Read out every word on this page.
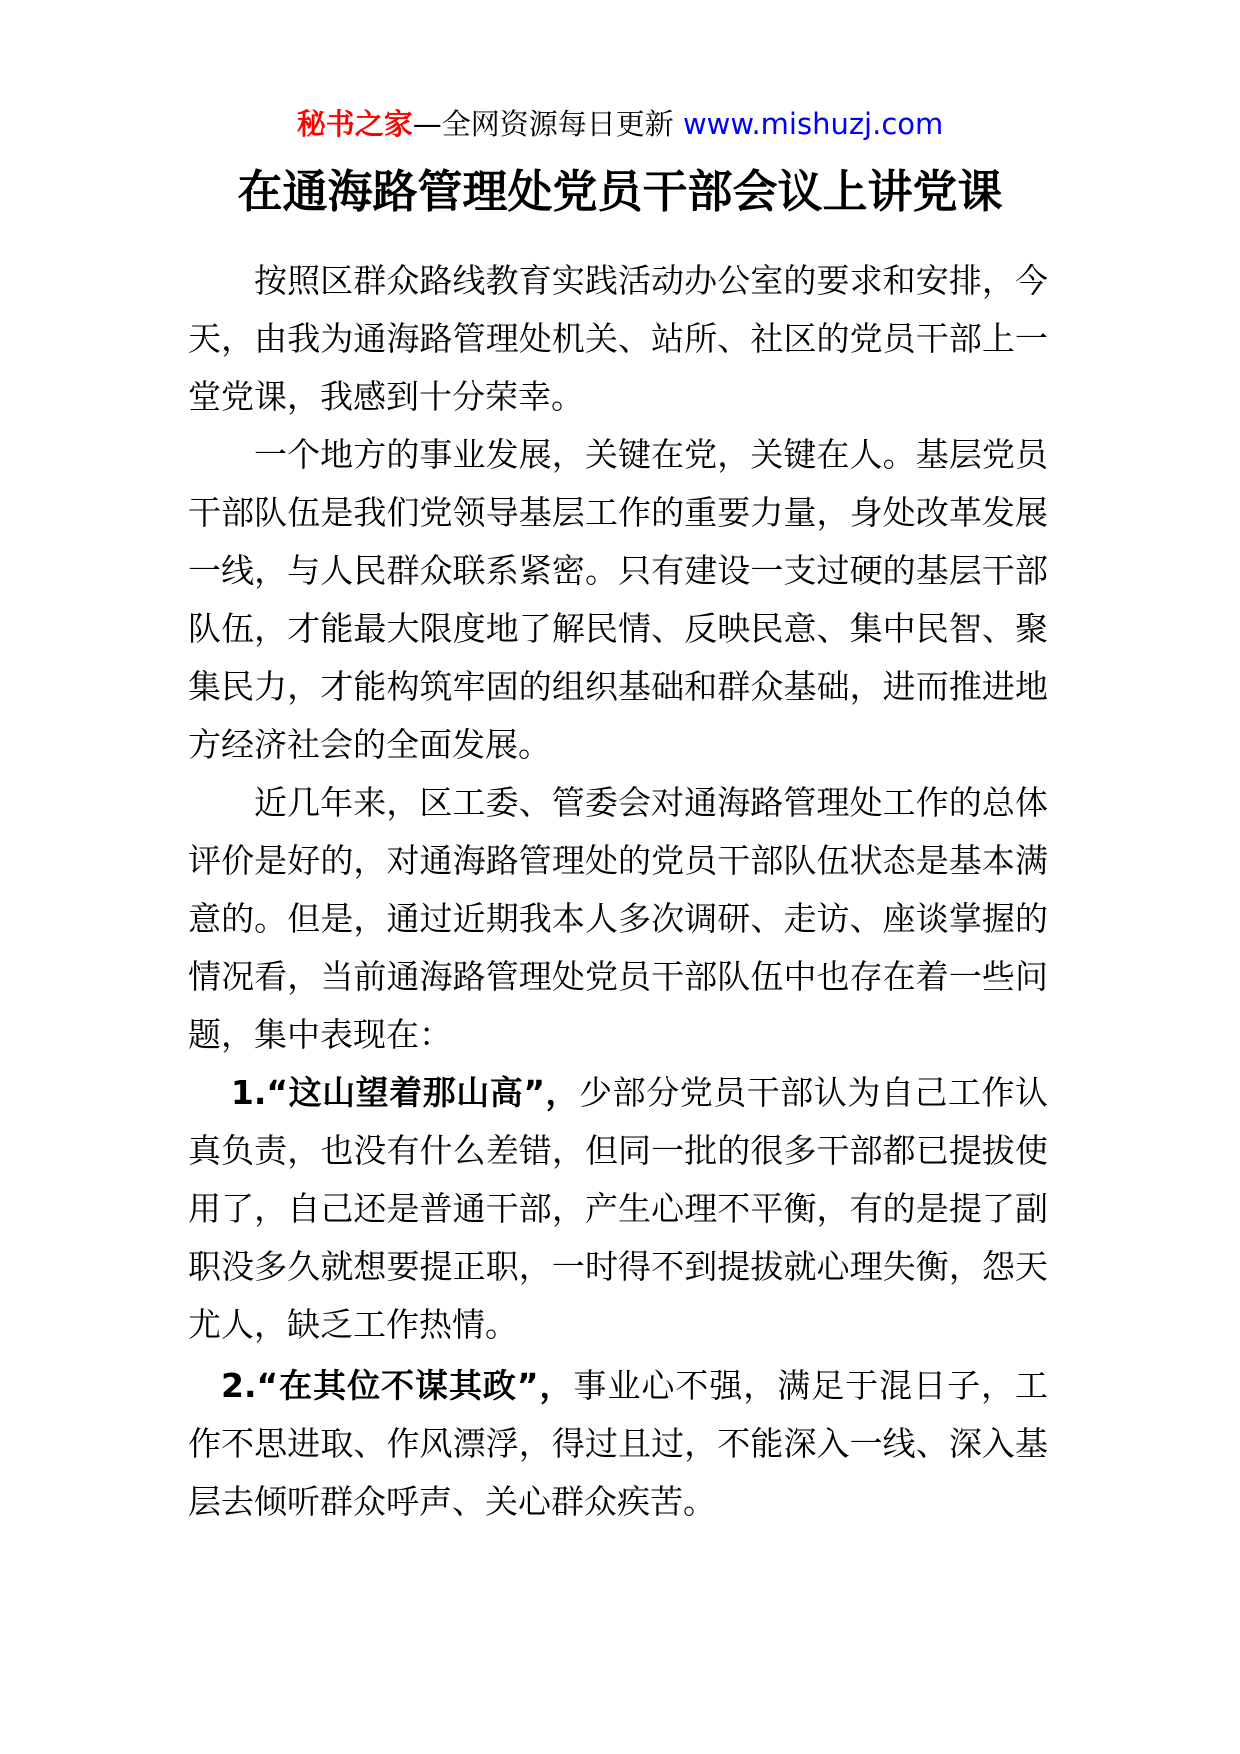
秘书之家—全网资源每日更新 www.mishuzj.com
在通海路管理处党员干部会议上讲党课

按照区群众路线教育实践活动办公室的要求和安排，今天，由我为通海路管理处机关、站所、社区的党员干部上一堂党课，我感到十分荣幸。

一个地方的事业发展，关键在党，关键在人。基层党员干部队伍是我们党领导基层工作的重要力量，身处改革发展一线，与人民群众联系紧密。只有建设一支过硬的基层干部队伍，才能最大限度地了解民情、反映民意、集中民智、聚集民力，才能构筑牢固的组织基础和群众基础，进而推进地方经济社会的全面发展。

近几年来，区工委、管委会对通海路管理处工作的总体评价是好的，对通海路管理处的党员干部队伍状态是基本满意的。但是，通过近期我本人多次调研、走访、座谈掌握的情况看，当前通海路管理处党员干部队伍中也存在着一些问题，集中表现在：

1.“这山望着那山高”，少部分党员干部认为自己工作认真负责，也没有什么差错，但同一批的很多干部都已提拔使用了，自己还是普通干部，产生心理不平衡，有的是提了副职没多久就想要提正职，一时得不到提拔就心理失衡，怨天尤人，缺乏工作热情。

2.“在其位不谋其政”，事业心不强，满足于混日子，工作不思进取、作风漂浮，得过且过，不能深入一线、深入基层去倾听群众呼声、关心群众疾苦。
